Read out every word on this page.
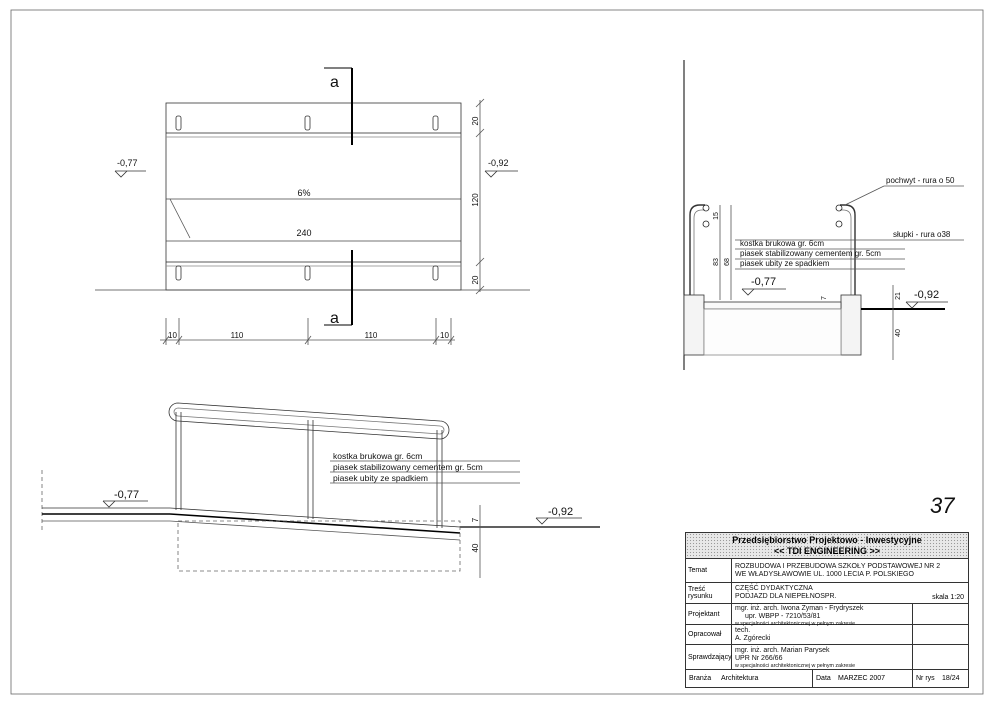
a
a
-0,77	-0,92
6%
240
20
120
20
10	110	110	10
kostka brukowa gr. 6cm
piasek stabilizowany cementem gr. 5cm
piasek ubity ze spadkiem
-0,77
-0,92
7
40
15
83 68
pochwyt - rura o 50
słupki - rura o38
kostka brukowa gr. 6cm
piasek stabilizowany cementem gr. 5cm
piasek ubity ze spadkiem
-0,77
-0,92
7	21
40
37
Przedsiębiorstwo Projektowo - Inwestycyjne
<< TDI ENGINEERING >>
Temat
ROZBUDOWA I PRZEBUDOWA SZKOŁY PODSTAWOWEJ NR 2
WE WŁADYSŁAWOWIE UL. 1000 LECIA P. POLSKIEGO
Treść rysunku
CZĘŚĆ DYDAKTYCZNA
PODJAZD DLA NIEPEŁNOSPR.	skala 1:20
Projektant
mgr. inż. arch. Iwona Zyman - Frydryszek
upr. WBPP - 7210/53/81
w specjalności architektonicznej w pełnym zakresie
Opracował
tech.
A. Zgórecki
Sprawdzający
mgr. inż. arch. Marian Parysek
UPR Nr 266/66
w specjalności architektonicznej w pełnym zakresie
Branża Architektura	Data MARZEC 2007	Nr rys 18/24
